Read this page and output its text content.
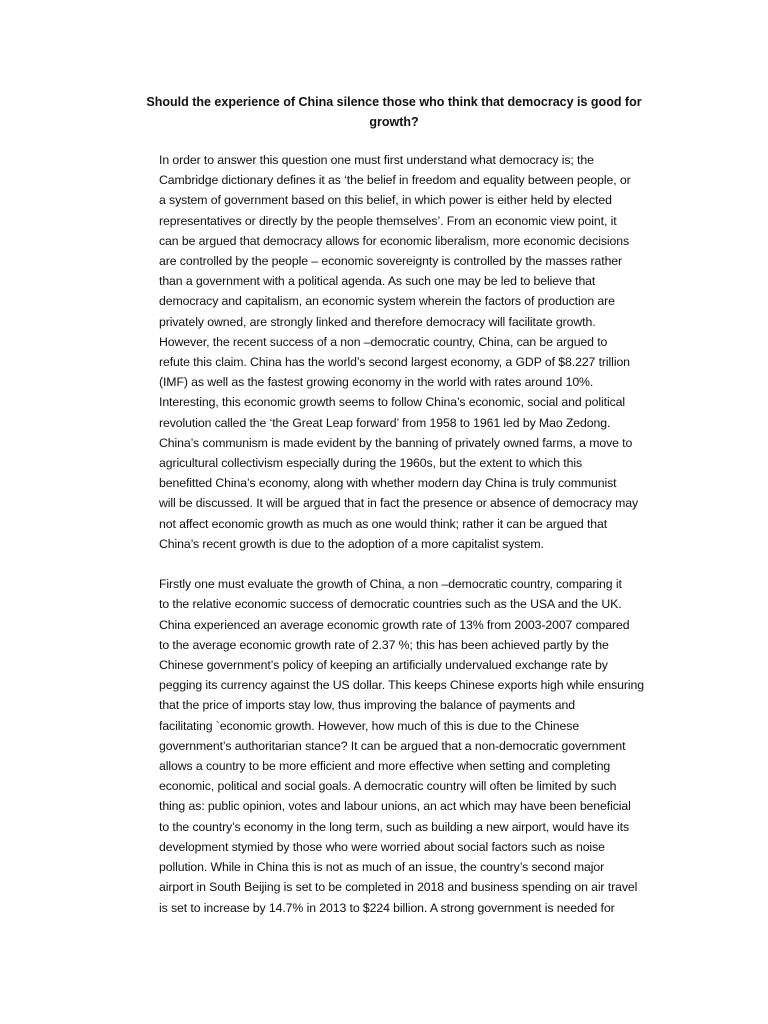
Should the experience of China silence those who think that democracy is good for
growth?

In order to answer this question one must first understand what democracy is; the
Cambridge dictionary defines it as ‘the belief in freedom and equality between people, or
a system of government based on this belief, in which power is either held by elected
representatives or directly by the people themselves’. From an economic view point, it
can be argued that democracy allows for economic liberalism, more economic decisions
are controlled by the people – economic sovereignty is controlled by the masses rather
than a government with a political agenda. As such one may be led to believe that
democracy and capitalism, an economic system wherein the factors of production are
privately owned, are strongly linked and therefore democracy will facilitate growth.
However, the recent success of a non –democratic country, China, can be argued to
refute this claim. China has the world’s second largest economy, a GDP of $8.227 trillion
(IMF) as well as the fastest growing economy in the world with rates around 10%.
Interesting, this economic growth seems to follow China’s economic, social and political
revolution called the ‘the Great Leap forward’ from 1958 to 1961 led by Mao Zedong.
China’s communism is made evident by the banning of privately owned farms, a move to
agricultural collectivism especially during the 1960s, but the extent to which this
benefitted China’s economy, along with whether modern day China is truly communist
will be discussed. It will be argued that in fact the presence or absence of democracy may
not affect economic growth as much as one would think; rather it can be argued that
China’s recent growth is due to the adoption of a more capitalist system.

Firstly one must evaluate the growth of China, a non –democratic country, comparing it
to the relative economic success of democratic countries such as the USA and the UK.
China experienced an average economic growth rate of 13% from 2003-2007 compared
to the average economic growth rate of 2.37 %; this has been achieved partly by the
Chinese government’s policy of keeping an artificially undervalued exchange rate by
pegging its currency against the US dollar. This keeps Chinese exports high while ensuring
that the price of imports stay low, thus improving the balance of payments and
facilitating `economic growth. However, how much of this is due to the Chinese
government’s authoritarian stance? It can be argued that a non-democratic government
allows a country to be more efficient and more effective when setting and completing
economic, political and social goals. A democratic country will often be limited by such
thing as: public opinion, votes and labour unions, an act which may have been beneficial
to the country’s economy in the long term, such as building a new airport, would have its
development stymied by those who were worried about social factors such as noise
pollution. While in China this is not as much of an issue, the country’s second major
airport in South Beijing is set to be completed in 2018 and business spending on air travel
is set to increase by 14.7% in 2013 to $224 billion. A strong government is needed for
